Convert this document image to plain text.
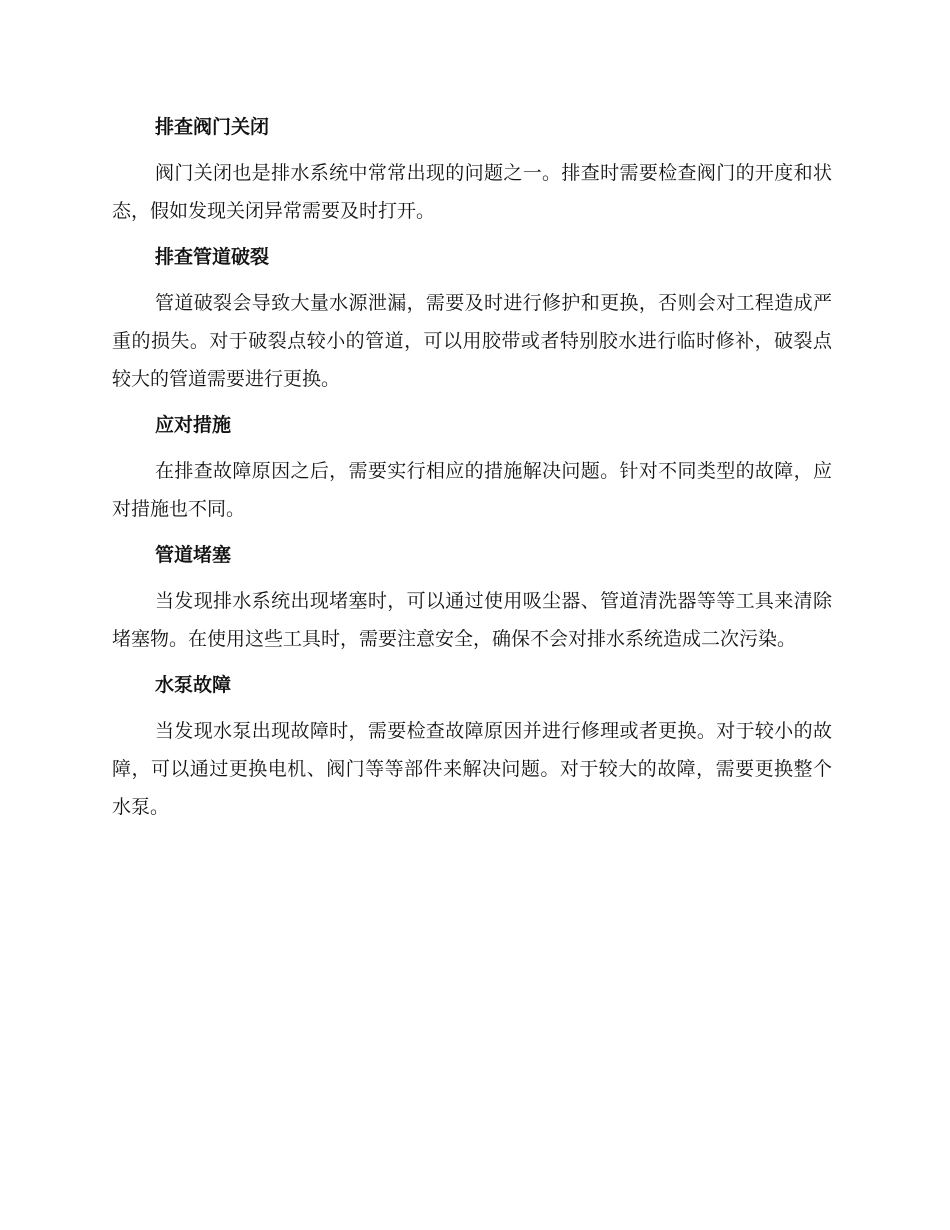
排查阀门关闭
阀门关闭也是排水系统中常常出现的问题之一。排查时需要检查阀门的开度和状态，假如发现关闭异常需要及时打开。
排查管道破裂
管道破裂会导致大量水源泄漏，需要及时进行修护和更换，否则会对工程造成严重的损失。对于破裂点较小的管道，可以用胶带或者特别胶水进行临时修补，破裂点较大的管道需要进行更换。
应对措施
在排查故障原因之后，需要实行相应的措施解决问题。针对不同类型的故障，应对措施也不同。
管道堵塞
当发现排水系统出现堵塞时，可以通过使用吸尘器、管道清洗器等等工具来清除堵塞物。在使用这些工具时，需要注意安全，确保不会对排水系统造成二次污染。
水泵故障
当发现水泵出现故障时，需要检查故障原因并进行修理或者更换。对于较小的故障，可以通过更换电机、阀门等等部件来解决问题。对于较大的故障，需要更换整个水泵。
